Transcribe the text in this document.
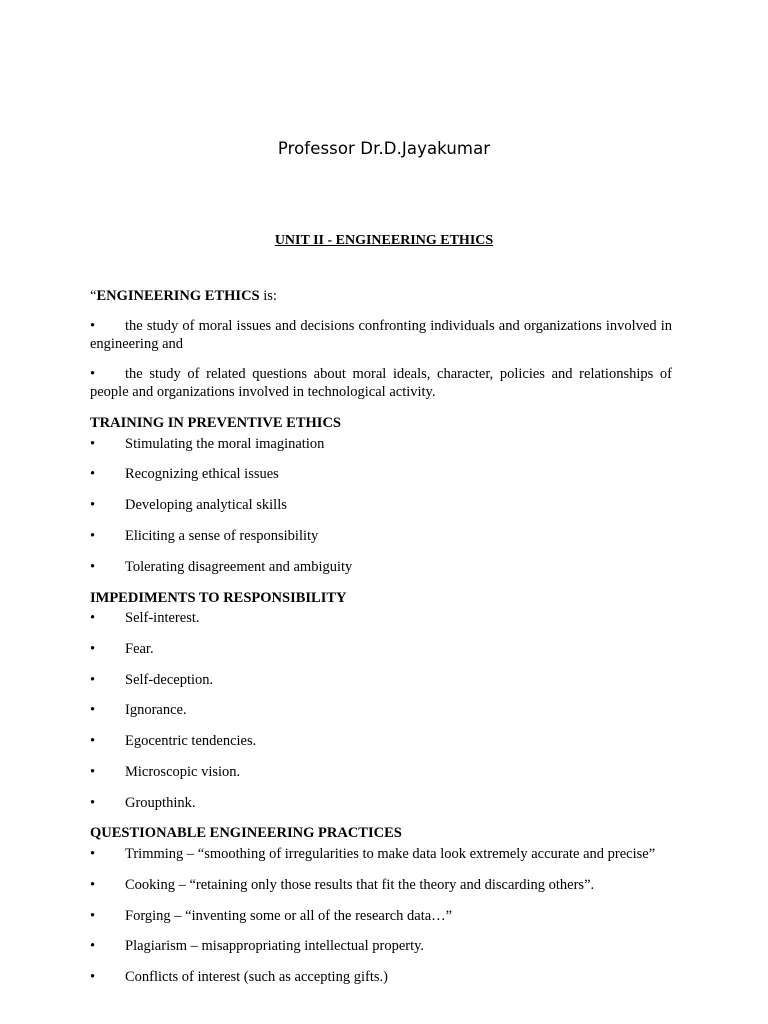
Professor Dr.D.Jayakumar
UNIT II - ENGINEERING ETHICS
“ENGINEERING ETHICS is:
• the study of moral issues and decisions confronting individuals and organizations involved in engineering and
• the study of related questions about moral ideals, character, policies and relationships of people and organizations involved in technological activity.
TRAINING IN PREVENTIVE ETHICS
• Stimulating the moral imagination
• Recognizing ethical issues
• Developing analytical skills
• Eliciting a sense of responsibility
• Tolerating disagreement and ambiguity
IMPEDIMENTS TO RESPONSIBILITY
• Self-interest.
• Fear.
• Self-deception.
• Ignorance.
• Egocentric tendencies.
• Microscopic vision.
• Groupthink.
QUESTIONABLE ENGINEERING PRACTICES
• Trimming – “smoothing of irregularities to make data look extremely accurate and precise”
• Cooking – “retaining only those results that fit the theory and discarding others”.
• Forging – “inventing some or all of the research data…”
• Plagiarism – misappropriating intellectual property.
• Conflicts of interest (such as accepting gifts.)
